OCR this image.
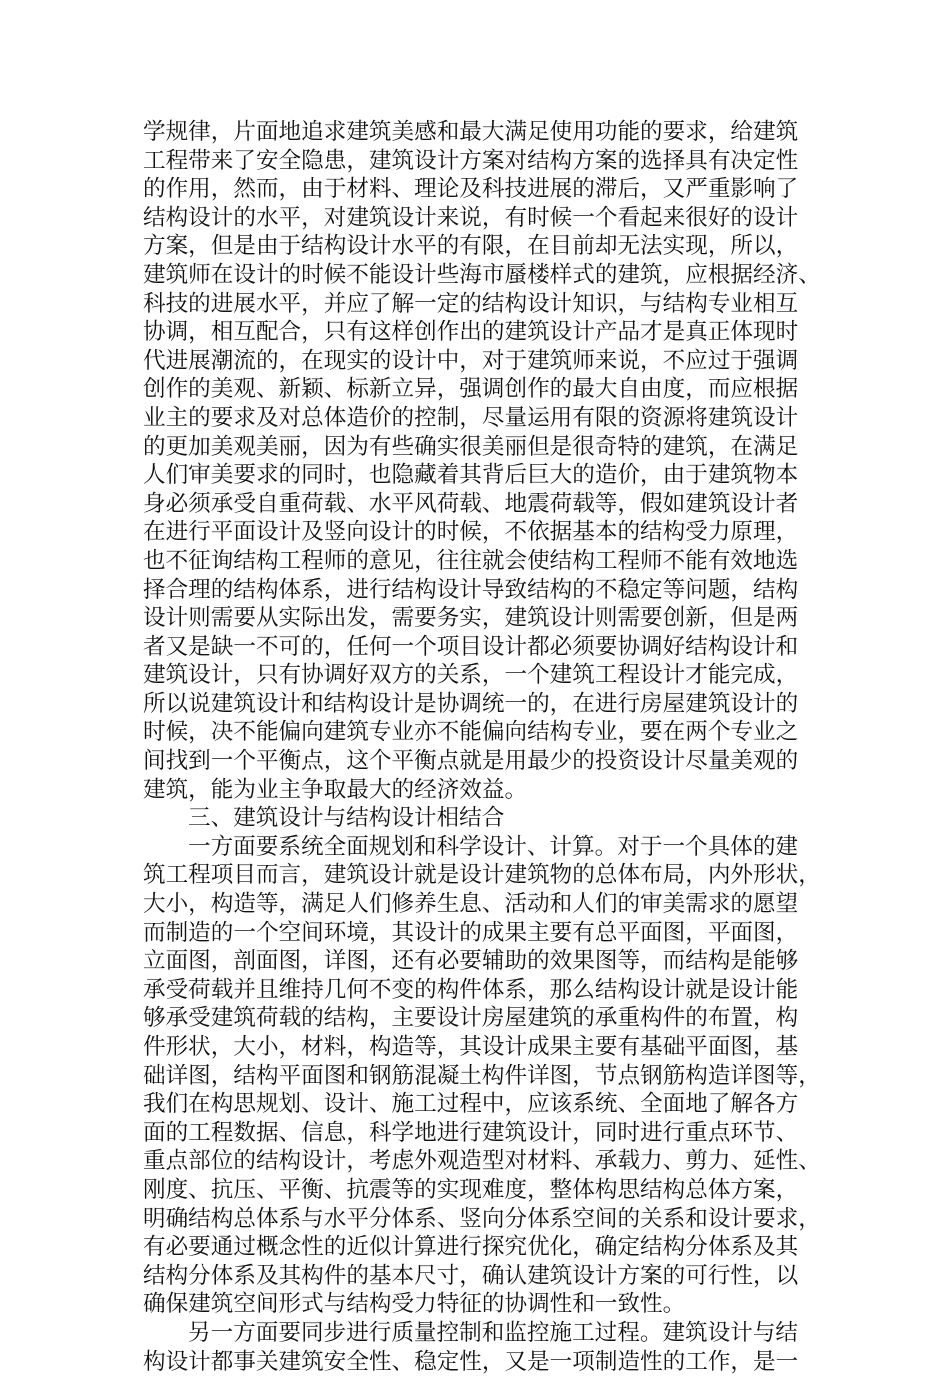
学规律，片面地追求建筑美感和最大满足使用功能的要求，给建筑
工程带来了安全隐患，建筑设计方案对结构方案的选择具有决定性
的作用，然而，由于材料、理论及科技进展的滞后，又严重影响了
结构设计的水平，对建筑设计来说，有时候一个看起来很好的设计
方案，但是由于结构设计水平的有限，在目前却无法实现，所以，
建筑师在设计的时候不能设计些海市蜃楼样式的建筑，应根据经济、
科技的进展水平，并应了解一定的结构设计知识，与结构专业相互
协调，相互配合，只有这样创作出的建筑设计产品才是真正体现时
代进展潮流的，在现实的设计中，对于建筑师来说，不应过于强调
创作的美观、新颖、标新立异，强调创作的最大自由度，而应根据
业主的要求及对总体造价的控制，尽量运用有限的资源将建筑设计
的更加美观美丽，因为有些确实很美丽但是很奇特的建筑，在满足
人们审美要求的同时，也隐藏着其背后巨大的造价，由于建筑物本
身必须承受自重荷载、水平风荷载、地震荷载等，假如建筑设计者
在进行平面设计及竖向设计的时候，不依据基本的结构受力原理，
也不征询结构工程师的意见，往往就会使结构工程师不能有效地选
择合理的结构体系，进行结构设计导致结构的不稳定等问题，结构
设计则需要从实际出发，需要务实，建筑设计则需要创新，但是两
者又是缺一不可的，任何一个项目设计都必须要协调好结构设计和
建筑设计，只有协调好双方的关系，一个建筑工程设计才能完成，
所以说建筑设计和结构设计是协调统一的，在进行房屋建筑设计的
时候，决不能偏向建筑专业亦不能偏向结构专业，要在两个专业之
间找到一个平衡点，这个平衡点就是用最少的投资设计尽量美观的
建筑，能为业主争取最大的经济效益。
三、建筑设计与结构设计相结合
一方面要系统全面规划和科学设计、计算。对于一个具体的建
筑工程项目而言，建筑设计就是设计建筑物的总体布局，内外形状，
大小，构造等，满足人们修养生息、活动和人们的审美需求的愿望
而制造的一个空间环境，其设计的成果主要有总平面图，平面图，
立面图，剖面图，详图，还有必要辅助的效果图等，而结构是能够
承受荷载并且维持几何不变的构件体系，那么结构设计就是设计能
够承受建筑荷载的结构，主要设计房屋建筑的承重构件的布置，构
件形状，大小，材料，构造等，其设计成果主要有基础平面图，基
础详图，结构平面图和钢筋混凝土构件详图，节点钢筋构造详图等，
我们在构思规划、设计、施工过程中，应该系统、全面地了解各方
面的工程数据、信息，科学地进行建筑设计，同时进行重点环节、
重点部位的结构设计，考虑外观造型对材料、承载力、剪力、延性、
刚度、抗压、平衡、抗震等的实现难度，整体构思结构总体方案，
明确结构总体系与水平分体系、竖向分体系空间的关系和设计要求，
有必要通过概念性的近似计算进行探究优化，确定结构分体系及其
结构分体系及其构件的基本尺寸，确认建筑设计方案的可行性，以
确保建筑空间形式与结构受力特征的协调性和一致性。
另一方面要同步进行质量控制和监控施工过程。建筑设计与结
构设计都事关建筑安全性、稳定性，又是一项制造性的工作，是一
